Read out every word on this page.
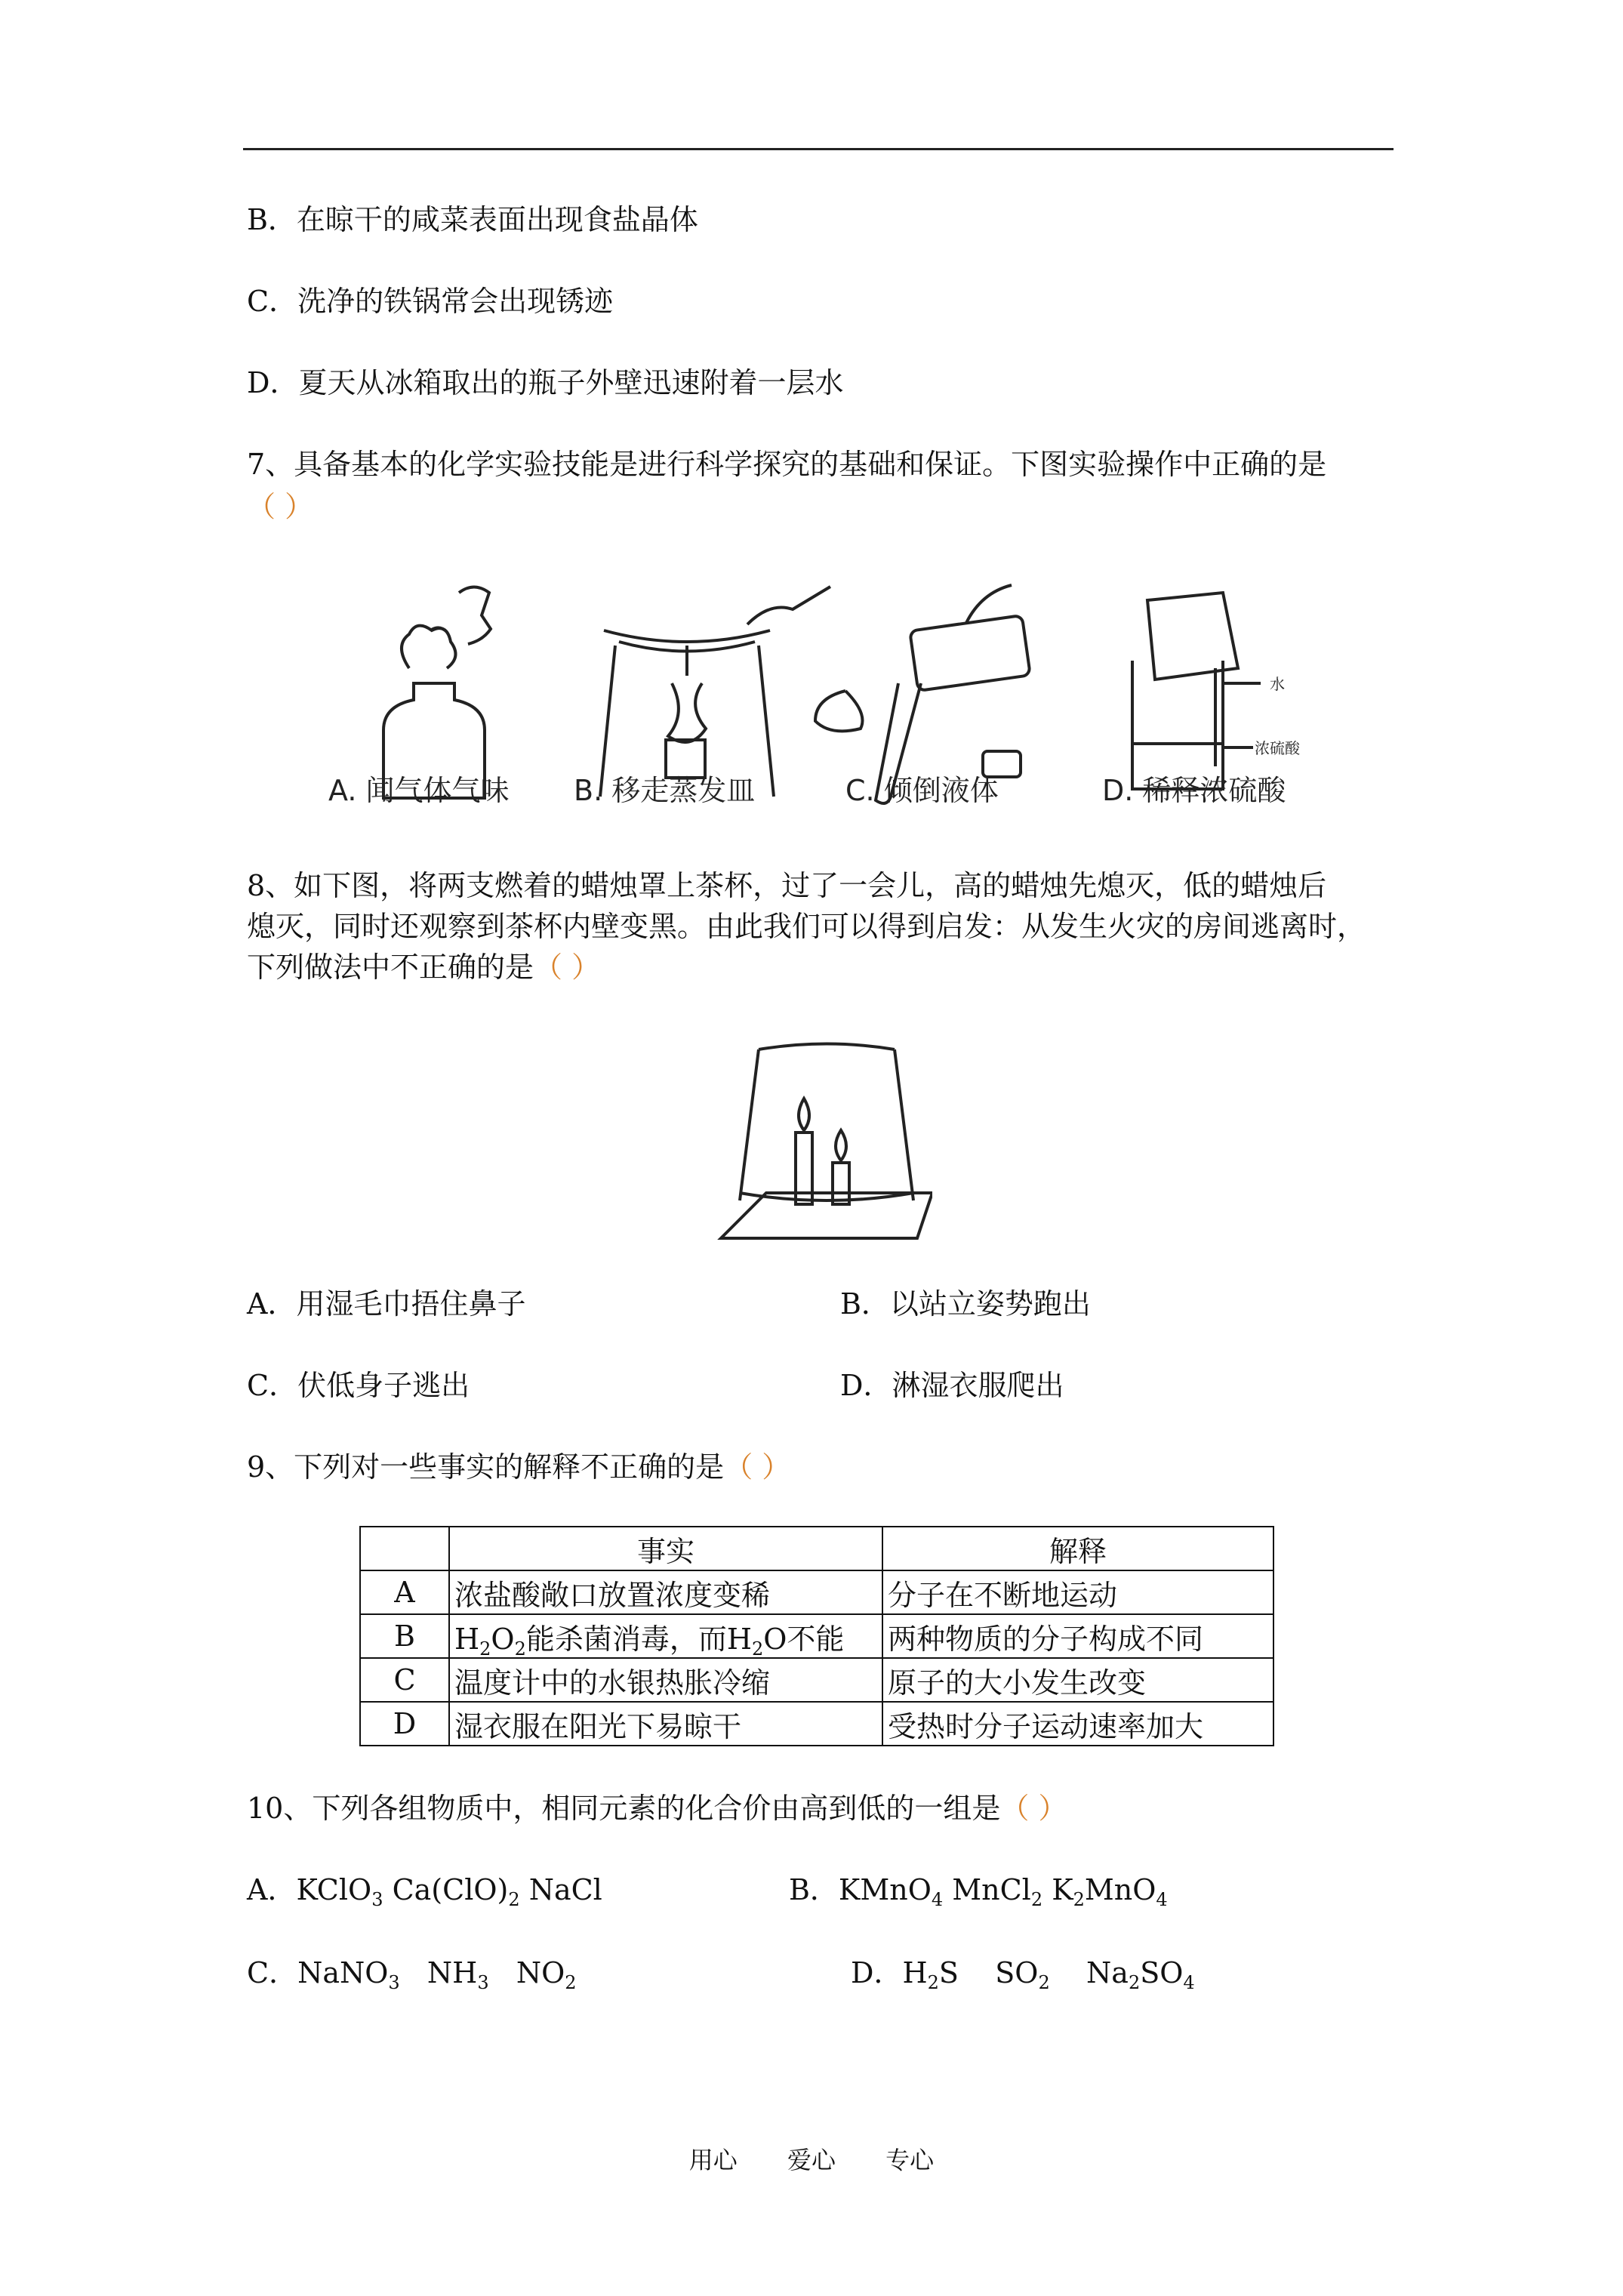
B．在晾干的咸菜表面出现食盐晶体
C．洗净的铁锅常会出现锈迹
D．夏天从冰箱取出的瓶子外壁迅速附着一层水
7、具备基本的化学实验技能是进行科学探究的基础和保证。下图实验操作中正确的是
（ ）
水
浓硫酸
A. 闻气体气味 B. 移走蒸发皿	C. 倾倒液体	D. 稀释浓硫酸
8、如下图，将两支燃着的蜡烛罩上茶杯，过了一会儿，高的蜡烛先熄灭，低的蜡烛后
熄灭，同时还观察到茶杯内壁变黑。由此我们可以得到启发：从发生火灾的房间逃离时，
下列做法中不正确的是（ ）
A．用湿毛巾捂住鼻子	B．以站立姿势跑出
C．伏低身子逃出	D．淋湿衣服爬出
9、下列对一些事实的解释不正确的是（ ）
	事实	解释
A	浓盐酸敞口放置浓度变稀	分子在不断地运动
B	$H_2O_2$能杀菌消毒，而$H_2O$不能	两种物质的分子构成不同
C	温度计中的水银热胀冷缩	原子的大小发生改变
D	湿衣服在阳光下易晾干	受热时分子运动速率加大
10、下列各组物质中，相同元素的化合价由高到低的一组是（ ）
A．KClO$_3$ $Ca(ClO)_2$ NaCl	B．KMnO$_4$ MnCl$_2$ $K_2MnO_4$
C．NaNO$_3$   $NH_3$   $NO_2$	D．$H_2S$    $SO_2$    $Na_2SO_4$
用心 爱心 专心
